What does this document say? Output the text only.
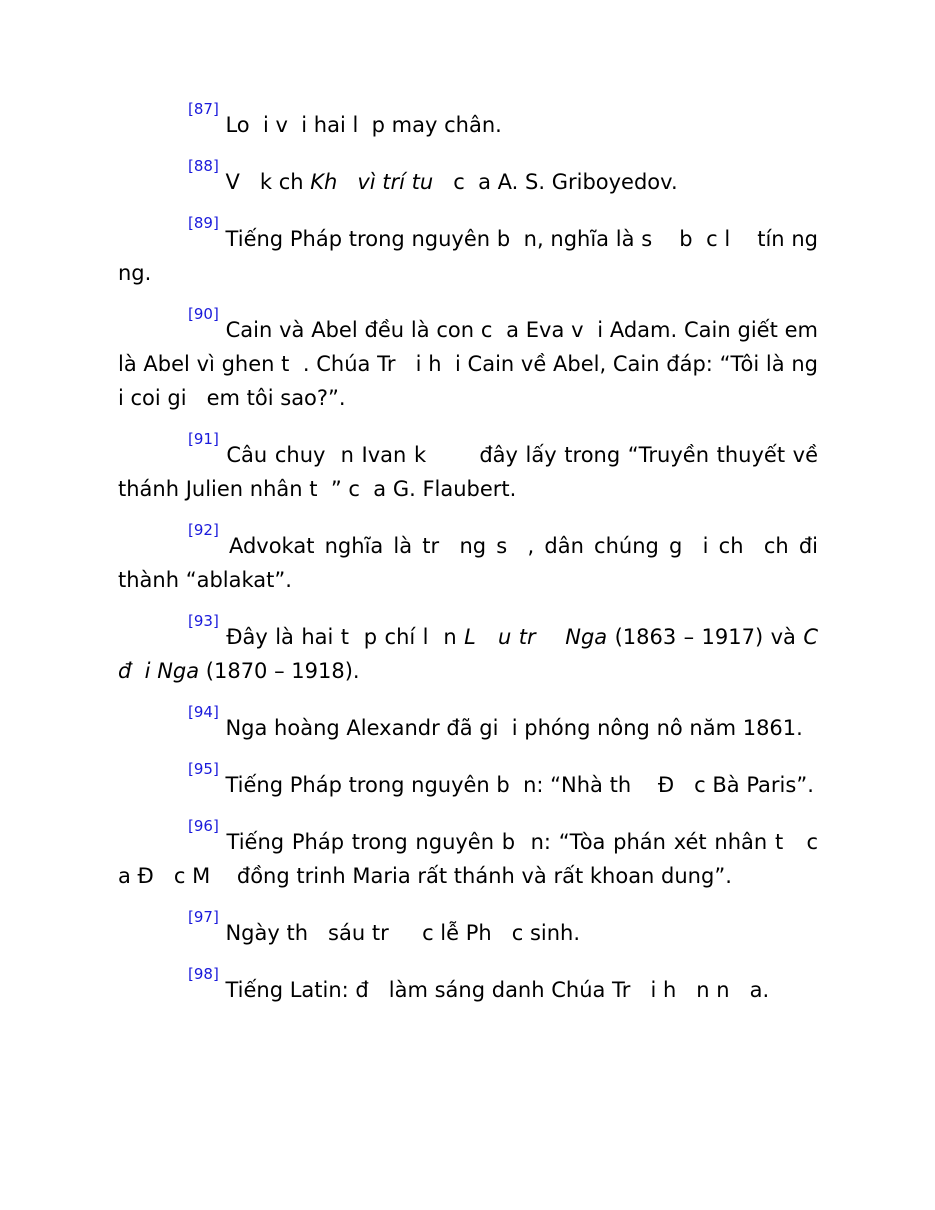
[87] Lo  i v  i hai l  p may chân.

[88] V   k ch Kh   vì trí tu   c  a A. S. Griboyedov.

[89] Tiếng Pháp trong nguyên b  n, nghĩa là s    b  c l    tín ng    ng.

[90] Cain và Abel đều là con c  a Eva v  i Adam. Cain giết em là Abel vì ghen t  . Chúa Tr   i h  i Cain về Abel, Cain đáp: “Tôi là ng    i coi gi   em tôi sao?”.

[91] Câu chuy  n Ivan k       đây lấy trong “Truyền thuyết về thánh Julien nhân t  ” c  a G. Flaubert.

[92] Advokat nghĩa là tr  ng s  , dân chúng g  i ch  ch đi thành “ablakat”.

[93] Đây là hai t  p chí l  n L   u tr    Nga (1863 – 1917) và C   đ  i Nga (1870 – 1918).

[94] Nga hoàng Alexandr đã gi  i phóng nông nô năm 1861.

[95] Tiếng Pháp trong nguyên b  n: “Nhà th    Đ   c Bà Paris”.

[96] Tiếng Pháp trong nguyên b  n: “Tòa phán xét nhân t   c  a Đ   c M    đồng trinh Maria rất thánh và rất khoan dung”.

[97] Ngày th   sáu tr     c lễ Ph   c sinh.

[98] Tiếng Latin: đ   làm sáng danh Chúa Tr   i h   n n   a.
